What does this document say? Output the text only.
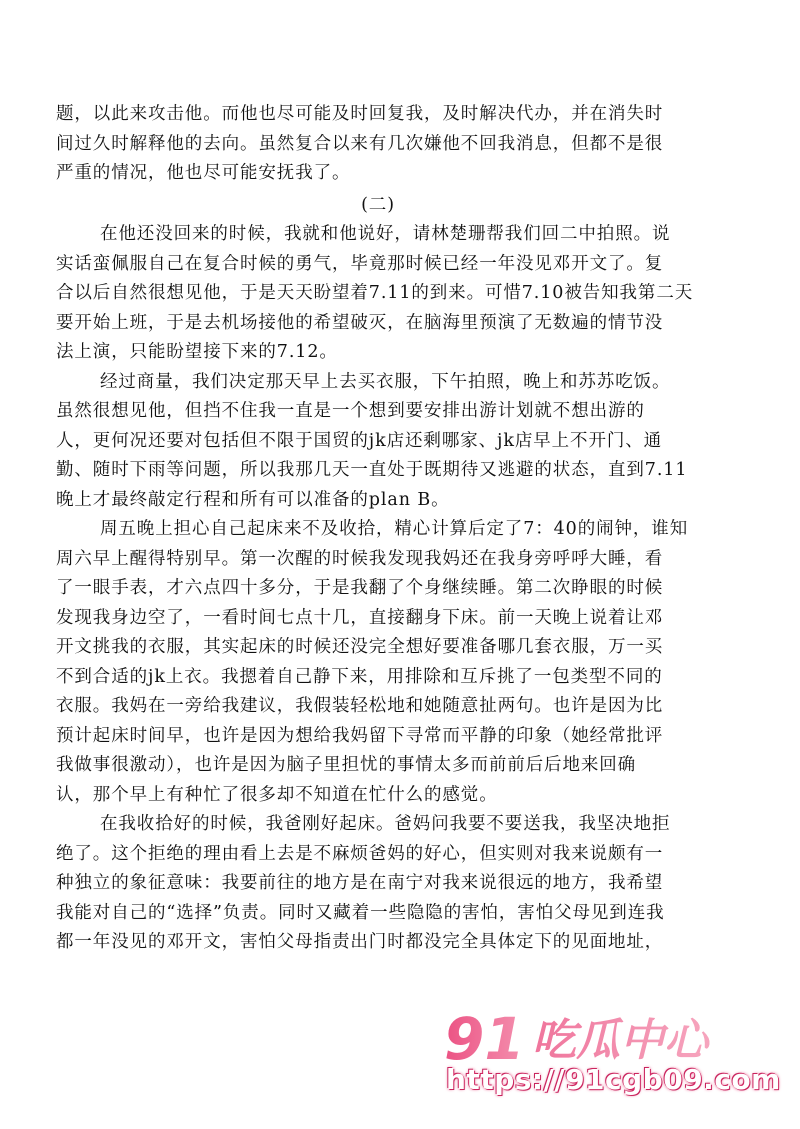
题，以此来攻击他。而他也尽可能及时回复我，及时解决代办，并在消失时
间过久时解释他的去向。虽然复合以来有几次嫌他不回我消息，但都不是很
严重的情况，他也尽可能安抚我了。
(二)
在他还没回来的时候，我就和他说好，请林楚珊帮我们回二中拍照。说
实话蛮佩服自己在复合时候的勇气，毕竟那时候已经一年没见邓开文了。复
合以后自然很想见他，于是天天盼望着7.11的到来。可惜7.10被告知我第二天
要开始上班，于是去机场接他的希望破灭，在脑海里预演了无数遍的情节没
法上演，只能盼望接下来的7.12。
经过商量，我们决定那天早上去买衣服，下午拍照，晚上和苏苏吃饭。
虽然很想见他，但挡不住我一直是一个想到要安排出游计划就不想出游的
人，更何况还要对包括但不限于国贸的jk店还剩哪家、jk店早上不开门、通
勤、随时下雨等问题，所以我那几天一直处于既期待又逃避的状态，直到7.11
晚上才最终敲定行程和所有可以准备的plan B。
周五晚上担心自己起床来不及收拾，精心计算后定了7：40的闹钟，谁知
周六早上醒得特别早。第一次醒的时候我发现我妈还在我身旁呼呼大睡，看
了一眼手表，才六点四十多分，于是我翻了个身继续睡。第二次睁眼的时候
发现我身边空了，一看时间七点十几，直接翻身下床。前一天晚上说着让邓
开文挑我的衣服，其实起床的时候还没完全想好要准备哪几套衣服，万一买
不到合适的jk上衣。我摁着自己静下来，用排除和互斥挑了一包类型不同的
衣服。我妈在一旁给我建议，我假装轻松地和她随意扯两句。也许是因为比
预计起床时间早，也许是因为想给我妈留下寻常而平静的印象（她经常批评
我做事很激动），也许是因为脑子里担忧的事情太多而前前后后地来回确
认，那个早上有种忙了很多却不知道在忙什么的感觉。
在我收拾好的时候，我爸刚好起床。爸妈问我要不要送我，我坚决地拒
绝了。这个拒绝的理由看上去是不麻烦爸妈的好心，但实则对我来说颇有一
种独立的象征意味：我要前往的地方是在南宁对我来说很远的地方，我希望
我能对自己的“选择”负责。同时又藏着一些隐隐的害怕，害怕父母见到连我
都一年没见的邓开文，害怕父母指责出门时都没完全具体定下的见面地址，
91 吃瓜中心
https://91cgb09.com
